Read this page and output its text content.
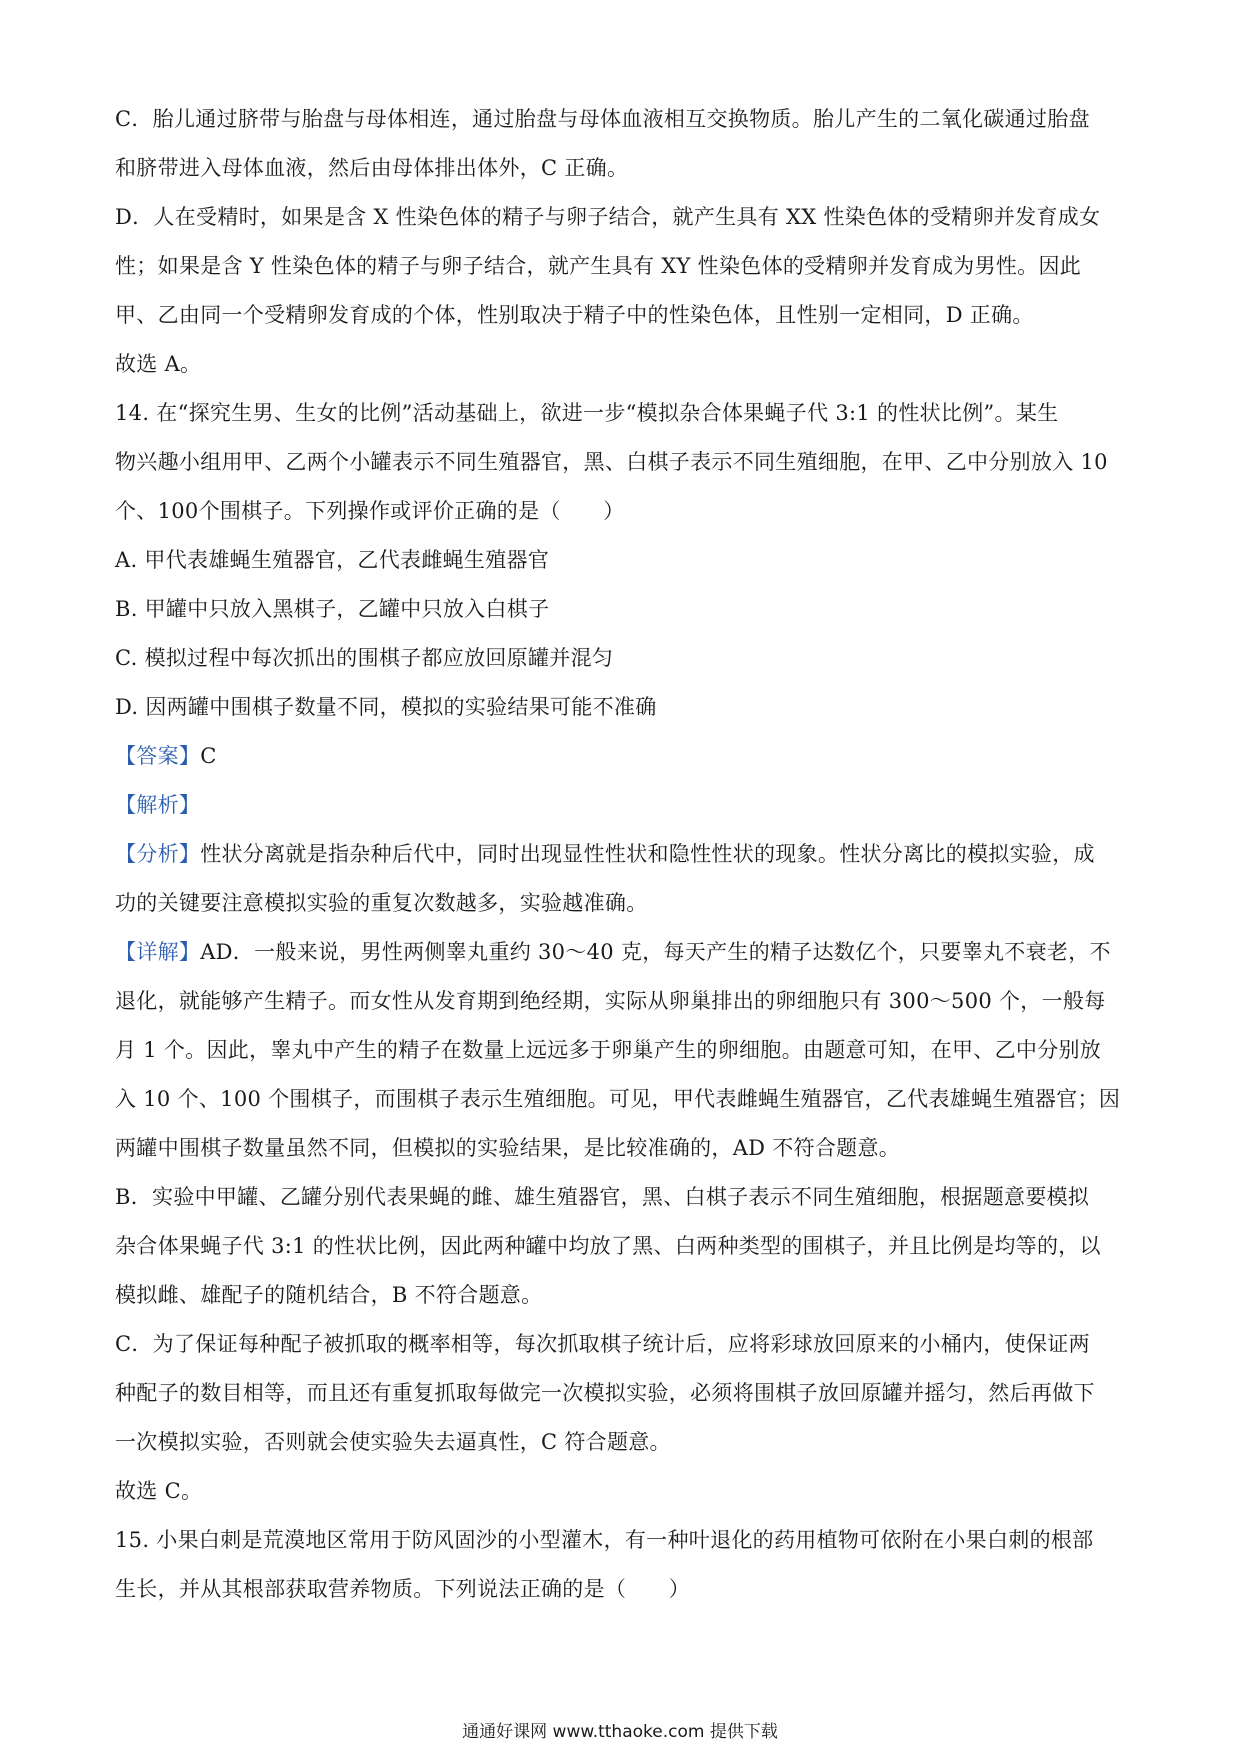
C．胎儿通过脐带与胎盘与母体相连，通过胎盘与母体血液相互交换物质。胎儿产生的二氧化碳通过胎盘
和脐带进入母体血液，然后由母体排出体外，C 正确。
D．人在受精时，如果是含 X 性染色体的精子与卵子结合，就产生具有 XX 性染色体的受精卵并发育成女
性；如果是含 Y 性染色体的精子与卵子结合，就产生具有 XY 性染色体的受精卵并发育成为男性。因此
甲、乙由同一个受精卵发育成的个体，性别取决于精子中的性染色体，且性别一定相同，D 正确。
故选 A。
14. 在“探究生男、生女的比例”活动基础上，欲进一步“模拟杂合体果蝇子代 3:1 的性状比例”。某生
物兴趣小组用甲、乙两个小罐表示不同生殖器官，黑、白棋子表示不同生殖细胞，在甲、乙中分别放入 10
个、100个围棋子。下列操作或评价正确的是（　　）
A. 甲代表雄蝇生殖器官，乙代表雌蝇生殖器官
B. 甲罐中只放入黑棋子，乙罐中只放入白棋子
C. 模拟过程中每次抓出的围棋子都应放回原罐并混匀
D. 因两罐中围棋子数量不同，模拟的实验结果可能不准确
【答案】C
【解析】
【分析】性状分离就是指杂种后代中，同时出现显性性状和隐性性状的现象。性状分离比的模拟实验，成
功的关键要注意模拟实验的重复次数越多，实验越准确。
【详解】AD．一般来说，男性两侧睾丸重约 30～40 克，每天产生的精子达数亿个，只要睾丸不衰老，不
退化，就能够产生精子。而女性从发育期到绝经期，实际从卵巢排出的卵细胞只有 300～500 个，一般每
月 1 个。因此，睾丸中产生的精子在数量上远远多于卵巢产生的卵细胞。由题意可知，在甲、乙中分别放
入 10 个、100 个围棋子，而围棋子表示生殖细胞。可见，甲代表雌蝇生殖器官，乙代表雄蝇生殖器官；因
两罐中围棋子数量虽然不同，但模拟的实验结果，是比较准确的，AD 不符合题意。
B．实验中甲罐、乙罐分别代表果蝇的雌、雄生殖器官，黑、白棋子表示不同生殖细胞，根据题意要模拟
杂合体果蝇子代 3:1 的性状比例，因此两种罐中均放了黑、白两种类型的围棋子，并且比例是均等的，以
模拟雌、雄配子的随机结合，B 不符合题意。
C．为了保证每种配子被抓取的概率相等，每次抓取棋子统计后，应将彩球放回原来的小桶内，使保证两
种配子的数目相等，而且还有重复抓取每做完一次模拟实验，必须将围棋子放回原罐并摇匀，然后再做下
一次模拟实验，否则就会使实验失去逼真性，C 符合题意。
故选 C。
15. 小果白刺是荒漠地区常用于防风固沙的小型灌木，有一种叶退化的药用植物可依附在小果白刺的根部
生长，并从其根部获取营养物质。下列说法正确的是（　　）
通通好课网 www.tthaoke.com 提供下载
